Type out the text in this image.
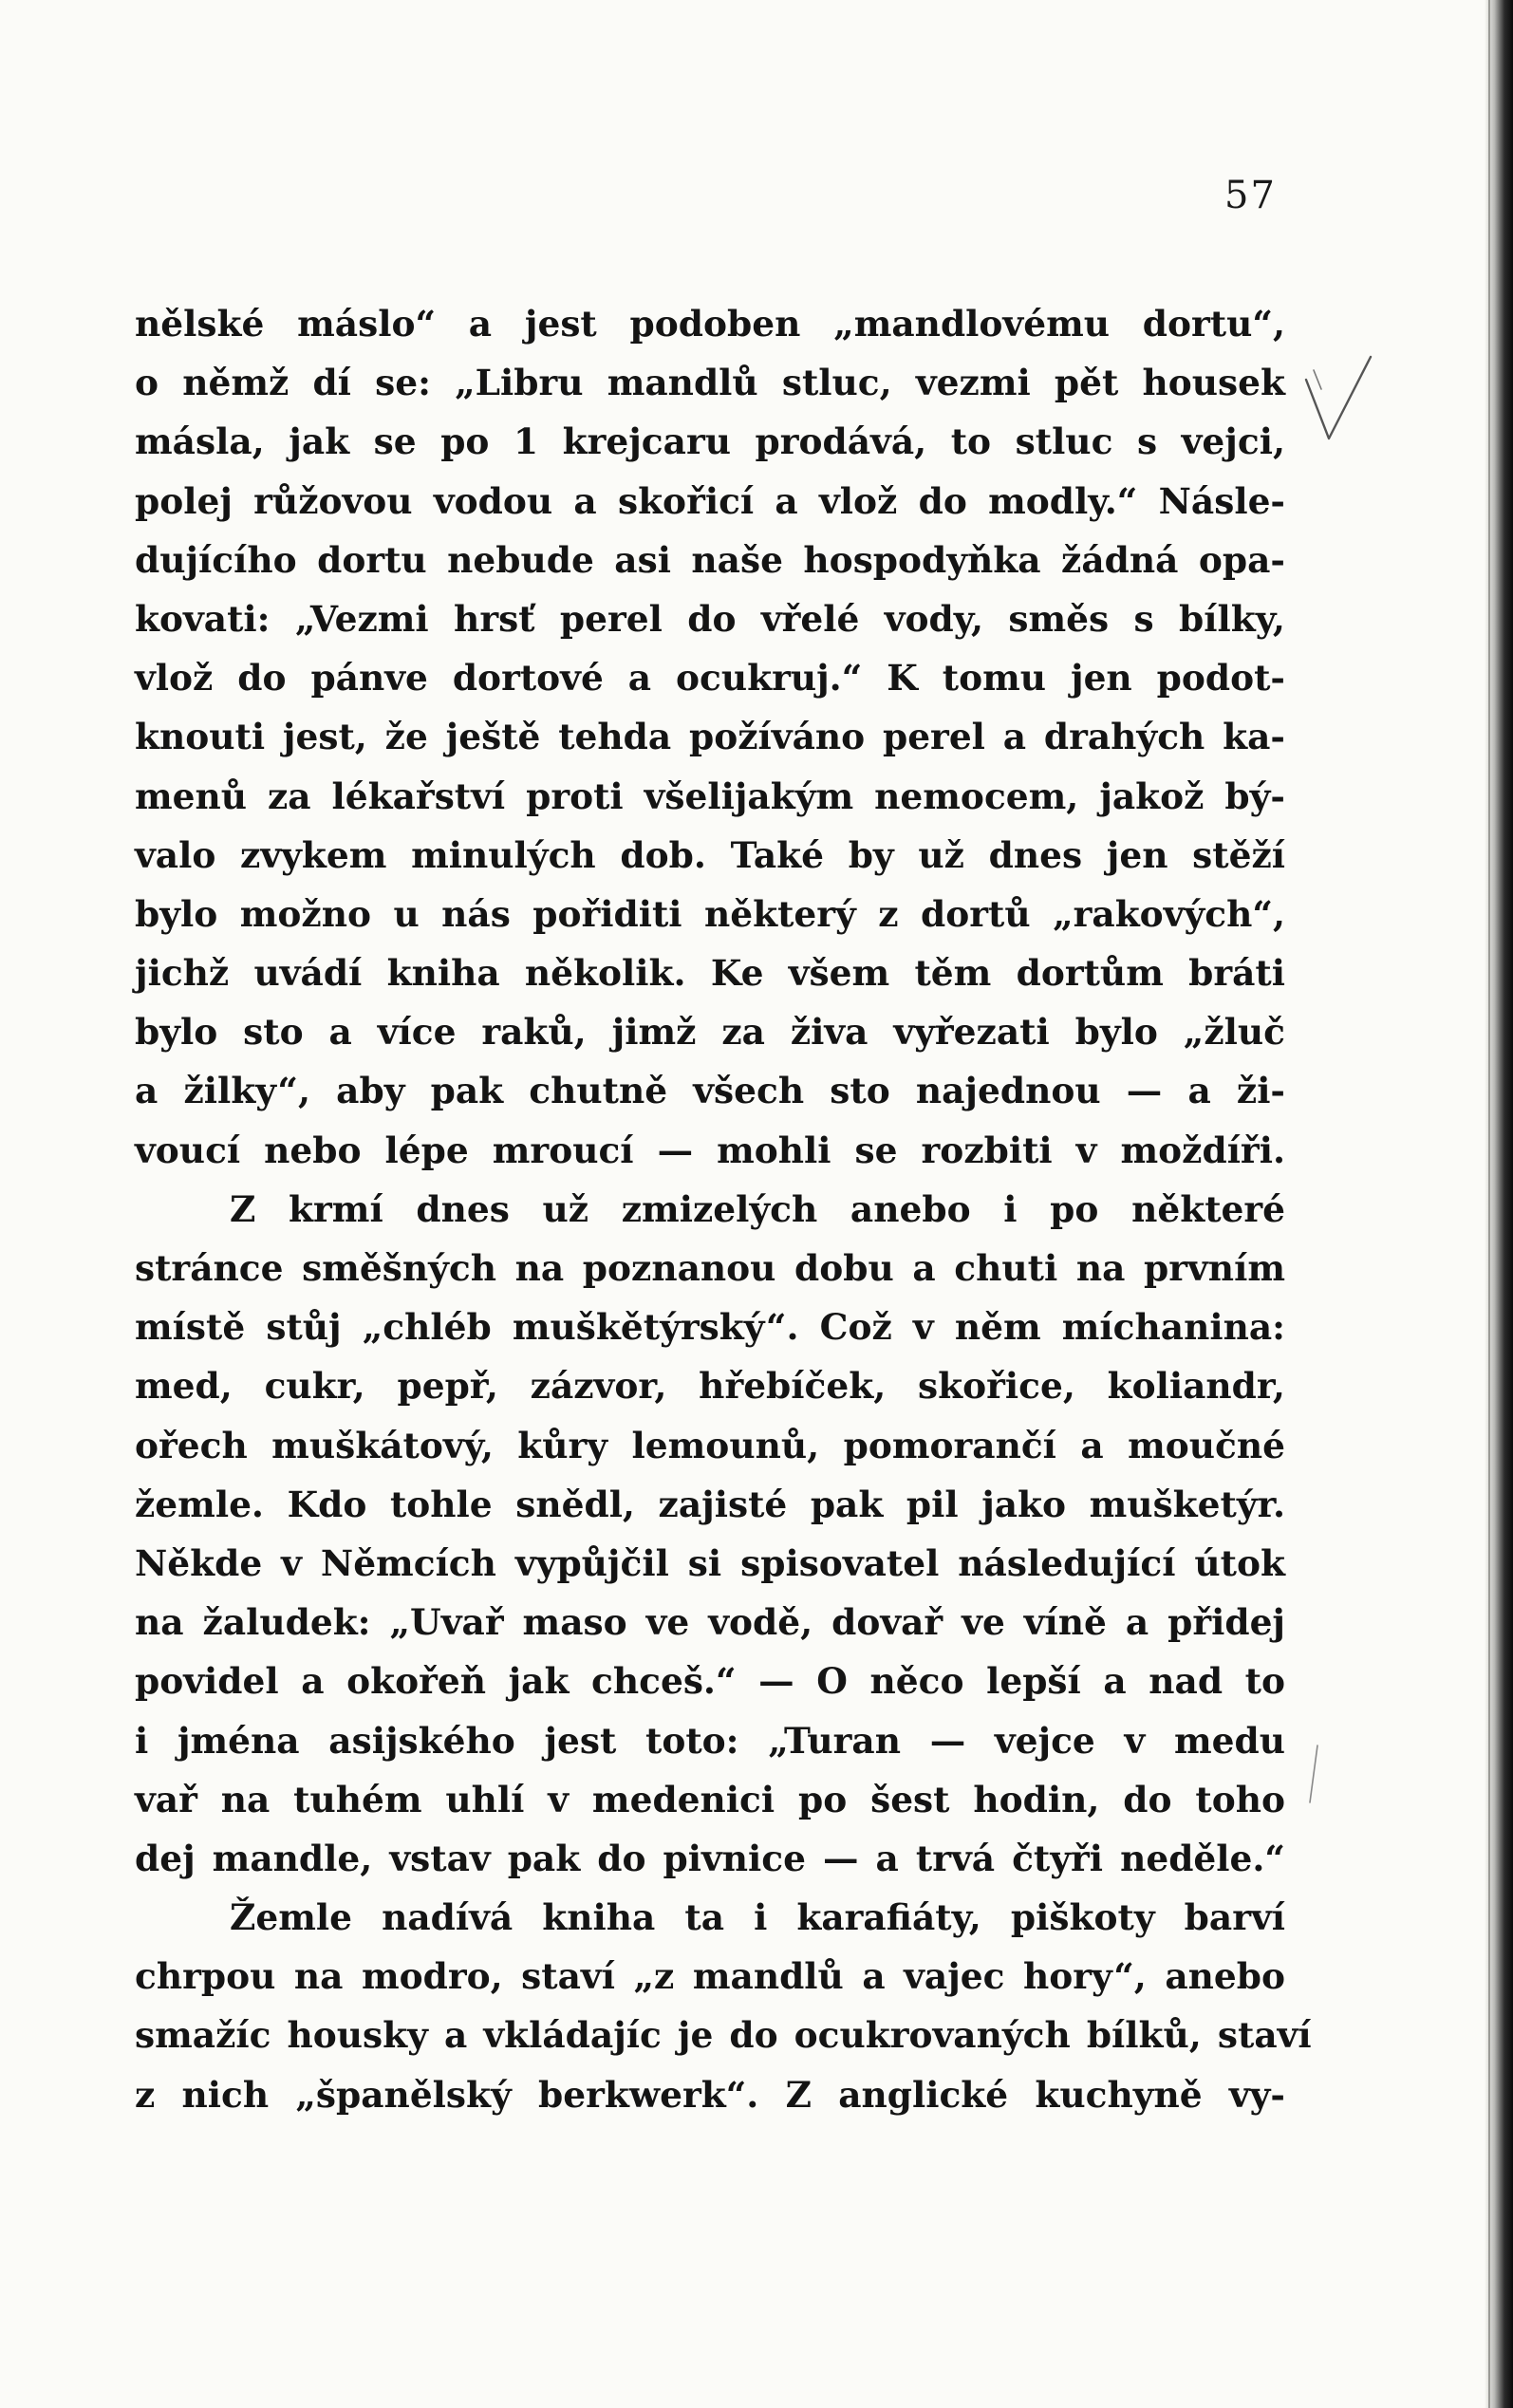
57
nělské máslo“ a jest podoben „mandlovému dortu“,
o němž dí se: „Libru mandlů stluc, vezmi pět housek
másla, jak se po 1 krejcaru prodává, to stluc s vejci,
polej růžovou vodou a skořicí a vlož do modly.“ Násle-
dujícího dortu nebude asi naše hospodyňka žádná opa-
kovati: „Vezmi hrsť perel do vřelé vody, směs s bílky,
vlož do pánve dortové a ocukruj.“ K tomu jen podot-
knouti jest, že ještě tehda požíváno perel a drahých ka-
menů za lékařství proti všelijakým nemocem, jakož bý-
valo zvykem minulých dob. Také by už dnes jen stěží
bylo možno u nás pořiditi některý z dortů „rakových“,
jichž uvádí kniha několik. Ke všem těm dortům bráti
bylo sto a více raků, jimž za živa vyřezati bylo „žluč
a žilky“, aby pak chutně všech sto najednou — a ži-
voucí nebo lépe mroucí — mohli se rozbiti v moždíři.
Z krmí dnes už zmizelých anebo i po některé
stránce směšných na poznanou dobu a chuti na prvním
místě stůj „chléb muškětýrský“. Což v něm míchanina:
med, cukr, pepř, zázvor, hřebíček, skořice, koliandr,
ořech muškátový, kůry lemounů, pomorančí a moučné
žemle. Kdo tohle snědl, zajisté pak pil jako mušketýr.
Někde v Němcích vypůjčil si spisovatel následující útok
na žaludek: „Uvař maso ve vodě, dovař ve víně a přidej
povidel a okořeň jak chceš.“ — O něco lepší a nad to
i jména asijského jest toto: „Turan — vejce v medu
vař na tuhém uhlí v medenici po šest hodin, do toho
dej mandle, vstav pak do pivnice — a trvá čtyři neděle.“
Žemle nadívá kniha ta i karafiáty, piškoty barví
chrpou na modro, staví „z mandlů a vajec hory“, anebo
smažíc housky a vkládajíc je do ocukrovaných bílků, staví
z nich „španělský berkwerk“. Z anglické kuchyně vy-
